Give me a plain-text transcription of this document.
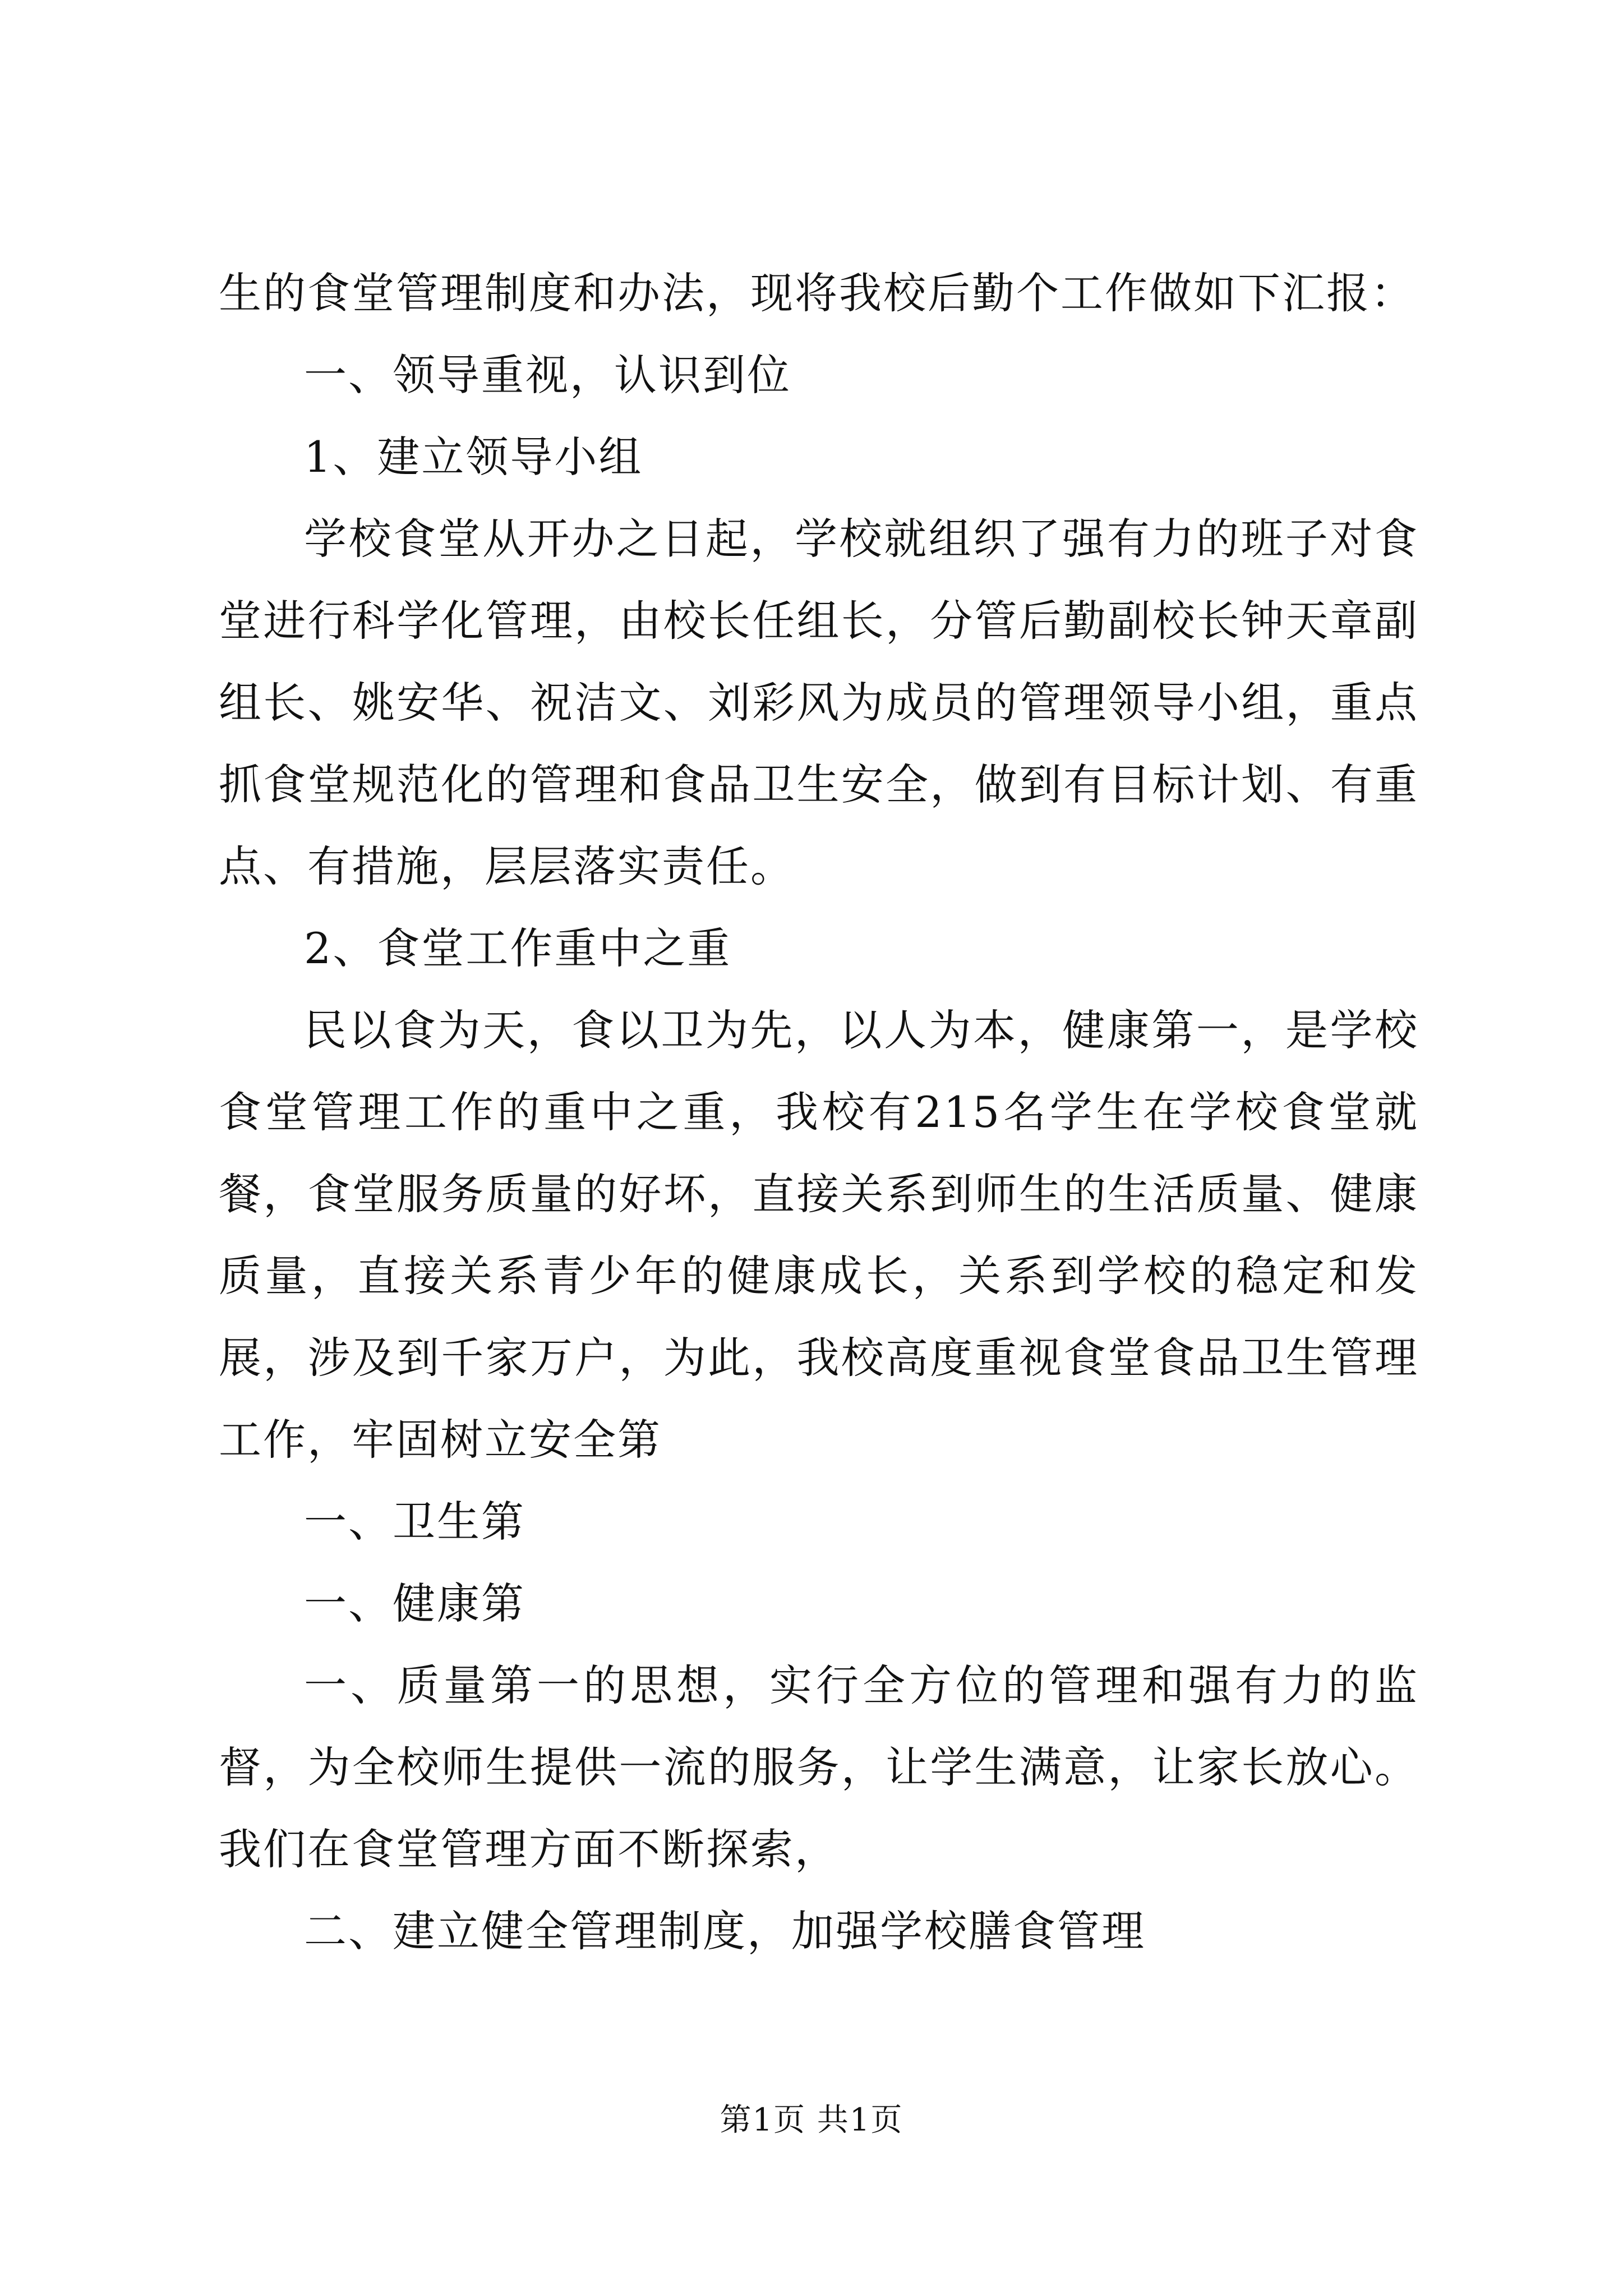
生的食堂管理制度和办法，现将我校后勤个工作做如下汇报：

一、领导重视，认识到位

1、建立领导小组

学校食堂从开办之日起，学校就组织了强有力的班子对食堂进行科学化管理，由校长任组长，分管后勤副校长钟天章副组长、姚安华、祝洁文、刘彩风为成员的管理领导小组，重点抓食堂规范化的管理和食品卫生安全，做到有目标计划、有重点、有措施，层层落实责任。

2、食堂工作重中之重

民以食为天，食以卫为先，以人为本，健康第一，是学校食堂管理工作的重中之重，我校有215名学生在学校食堂就餐，食堂服务质量的好坏，直接关系到师生的生活质量、健康质量，直接关系青少年的健康成长，关系到学校的稳定和发展，涉及到千家万户，为此，我校高度重视食堂食品卫生管理工作，牢固树立安全第

一、卫生第

一、健康第

一、质量第一的思想，实行全方位的管理和强有力的监督，为全校师生提供一流的服务，让学生满意，让家长放心。我们在食堂管理方面不断探索，

二、建立健全管理制度，加强学校膳食管理

第1页 共1页
